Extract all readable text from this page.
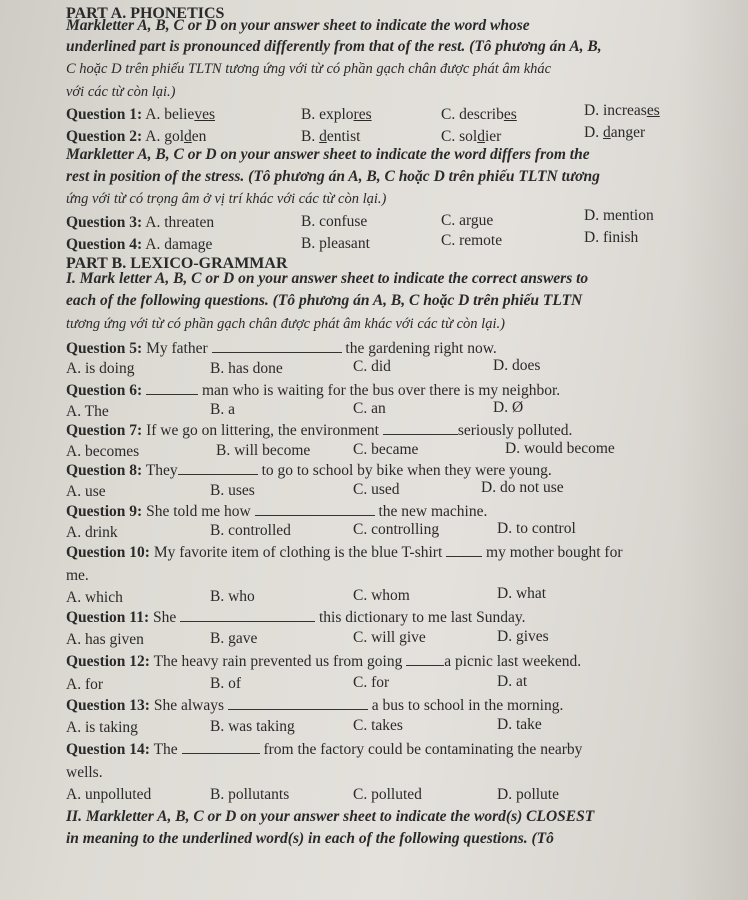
PART A. PHONETICS
Markletter A, B, C or D on your answer sheet to indicate the word whose
underlined part is pronounced differently from that of the rest. (Tô phương án A, B,
C hoặc D trên phiếu TLTN tương ứng với từ có phần gạch chân được phát âm khác
với các từ còn lại.)
Question 1: A. believes	B. explores	C. describes	D. increases
Question 2: A. golden	B. dentist	C. soldier	D. danger
Markletter A, B, C or D on your answer sheet to indicate the word differs from the
rest in position of the stress. (Tô phương án A, B, C hoặc D trên phiếu TLTN tương
ứng với từ có trọng âm ở vị trí khác với các từ còn lại.)
Question 3: A. threaten	B. confuse	C. argue	D. mention
Question 4: A. damage	B. pleasant	C. remote	D. finish
PART B. LEXICO-GRAMMAR
I. Mark letter A, B, C or D on your answer sheet to indicate the correct answers to
each of the following questions. (Tô phương án A, B, C hoặc D trên phiếu TLTN
tương ứng với từ có phần gạch chân được phát âm khác với các từ còn lại.)
Question 5: My father	the gardening right now.
A. is doing	B. has done	C. did	D. does
Question 6:	man who is waiting for the bus over there is my neighbor.
A. The	B. a	C. an	D. Ø
Question 7: If we go on littering, the environment	seriously polluted.
A. becomes	B. will become	C. became	D. would become
Question 8: They	to go to school by bike when they were young.
A. use	B. uses	C. used	D. do not use
Question 9: She told me how	the new machine.
A. drink	B. controlled	C. controlling	D. to control
Question 10: My favorite item of clothing is the blue T-shirt	my mother bought for
me.
A. which	B. who	C. whom	D. what
Question 11: She	this dictionary to me last Sunday.
A. has given	B. gave	C. will give	D. gives
Question 12: The heavy rain prevented us from going	a picnic last weekend.
A. for	B. of	C. for	D. at
Question 13: She always	a bus to school in the morning.
A. is taking	B. was taking	C. takes	D. take
Question 14: The	from the factory could be contaminating the nearby
wells.
A. unpolluted	B. pollutants	C. polluted	D. pollute
II. Markletter A, B, C or D on your answer sheet to indicate the word(s) CLOSEST
in meaning to the underlined word(s) in each of the following questions. (Tô
